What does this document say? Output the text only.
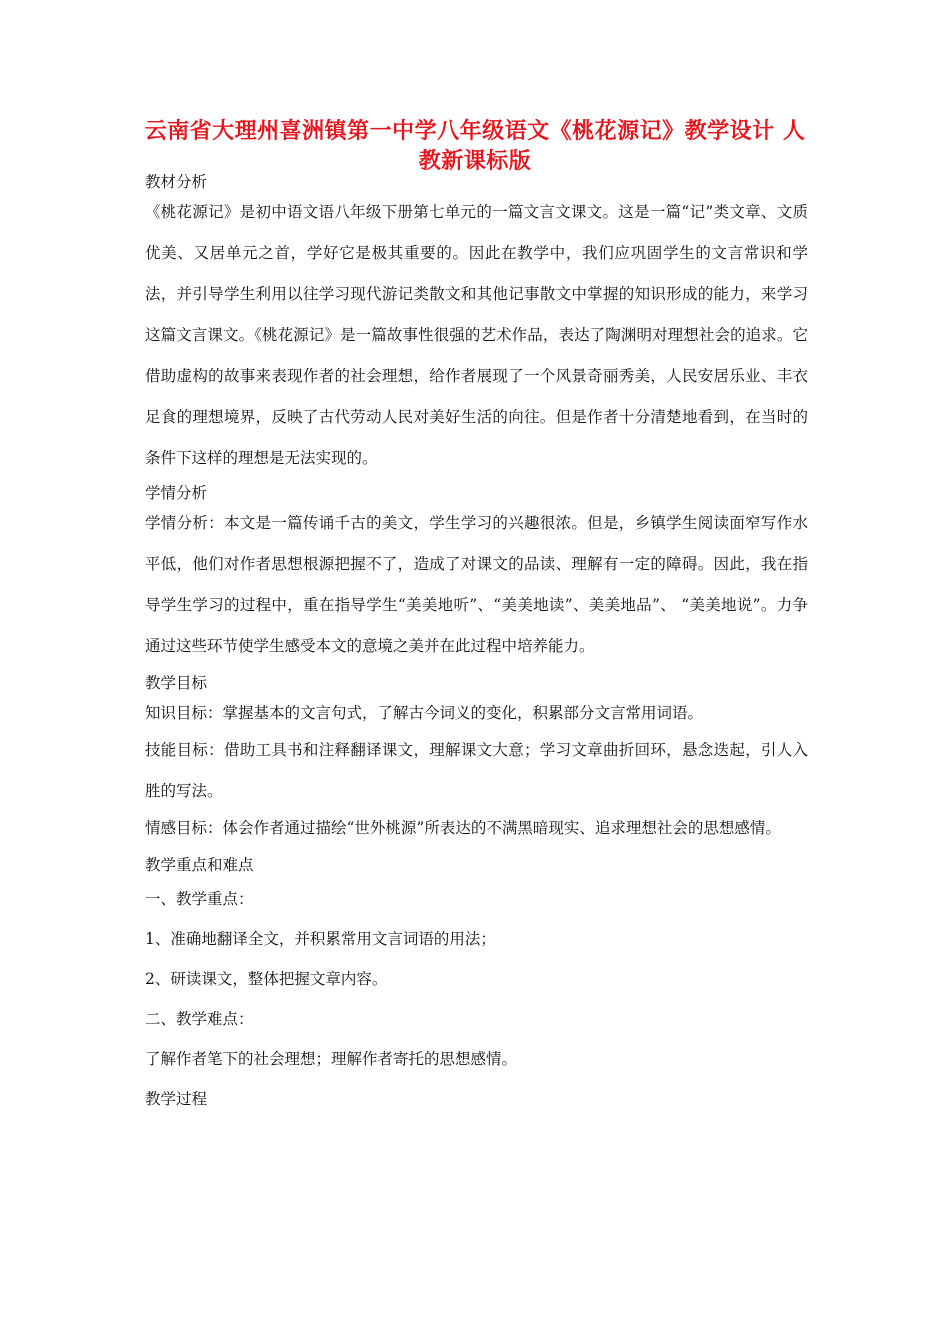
云南省大理州喜洲镇第一中学八年级语文《桃花源记》教学设计 人教新课标版
教材分析

《桃花源记》是初中语文语八年级下册第七单元的一篇文言文课文。这是一篇“记”类文章、文质优美、又居单元之首，学好它是极其重要的。因此在教学中，我们应巩固学生的文言常识和学法，并引导学生利用以往学习现代游记类散文和其他记事散文中掌握的知识形成的能力，来学习这篇文言课文。《桃花源记》是一篇故事性很强的艺术作品，表达了陶渊明对理想社会的追求。它借助虚构的故事来表现作者的社会理想，给作者展现了一个风景奇丽秀美，人民安居乐业、丰衣足食的理想境界，反映了古代劳动人民对美好生活的向往。但是作者十分清楚地看到，在当时的条件下这样的理想是无法实现的。

学情分析

学情分析：本文是一篇传诵千古的美文，学生学习的兴趣很浓。但是，乡镇学生阅读面窄写作水平低，他们对作者思想根源把握不了，造成了对课文的品读、理解有一定的障碍。因此，我在指导学生学习的过程中，重在指导学生“美美地听”、“美美地读”、美美地品”、 “美美地说”。力争通过这些环节使学生感受本文的意境之美并在此过程中培养能力。

教学目标

知识目标：掌握基本的文言句式，了解古今词义的变化，积累部分文言常用词语。

技能目标：借助工具书和注释翻译课文，理解课文大意；学习文章曲折回环，悬念迭起，引人入胜的写法。

情感目标：体会作者通过描绘“世外桃源”所表达的不满黑暗现实、追求理想社会的思想感情。

教学重点和难点
一、教学重点：
1、准确地翻译全文，并积累常用文言词语的用法；
2、研读课文，整体把握文章内容。
二、教学难点：
了解作者笔下的社会理想；理解作者寄托的思想感情。
教学过程
